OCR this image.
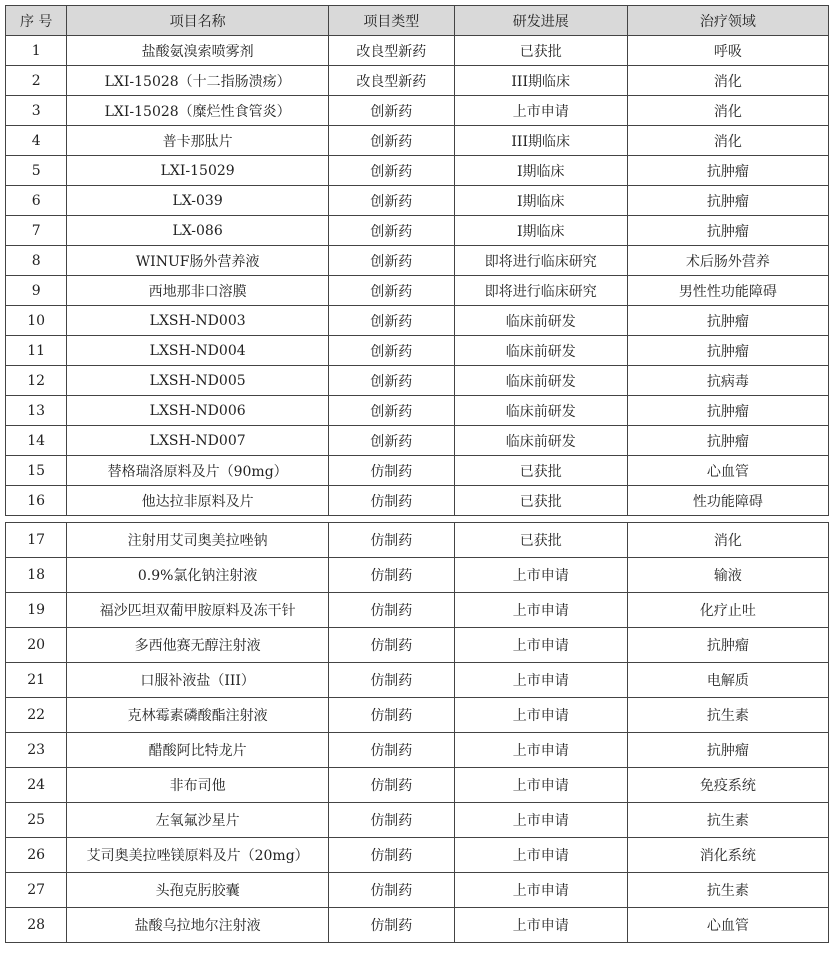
序 号	项目名称	项目类型	研发进展	治疗领域
1	盐酸氨溴索喷雾剂	改良型新药	已获批	呼吸
2	LXI-15028（十二指肠溃疡）	改良型新药	III期临床	消化
3	LXI-15028（糜烂性食管炎）	创新药	上市申请	消化
4	普卡那肽片	创新药	III期临床	消化
5	LXI-15029	创新药	I期临床	抗肿瘤
6	LX-039	创新药	I期临床	抗肿瘤
7	LX-086	创新药	I期临床	抗肿瘤
8	WINUF肠外营养液	创新药	即将进行临床研究	术后肠外营养
9	西地那非口溶膜	创新药	即将进行临床研究	男性性功能障碍
10	LXSH-ND003	创新药	临床前研发	抗肿瘤
11	LXSH-ND004	创新药	临床前研发	抗肿瘤
12	LXSH-ND005	创新药	临床前研发	抗病毒
13	LXSH-ND006	创新药	临床前研发	抗肿瘤
14	LXSH-ND007	创新药	临床前研发	抗肿瘤
15	替格瑞洛原料及片（90mg）	仿制药	已获批	心血管
16	他达拉非原料及片	仿制药	已获批	性功能障碍

17	注射用艾司奥美拉唑钠	仿制药	已获批	消化
18	0.9%氯化钠注射液	仿制药	上市申请	输液
19	福沙匹坦双葡甲胺原料及冻干针	仿制药	上市申请	化疗止吐
20	多西他赛无醇注射液	仿制药	上市申请	抗肿瘤
21	口服补液盐（III）	仿制药	上市申请	电解质
22	克林霉素磷酸酯注射液	仿制药	上市申请	抗生素
23	醋酸阿比特龙片	仿制药	上市申请	抗肿瘤
24	非布司他	仿制药	上市申请	免疫系统
25	左氧氟沙星片	仿制药	上市申请	抗生素
26	艾司奥美拉唑镁原料及片（20mg）	仿制药	上市申请	消化系统
27	头孢克肟胶囊	仿制药	上市申请	抗生素
28	盐酸乌拉地尔注射液	仿制药	上市申请	心血管
